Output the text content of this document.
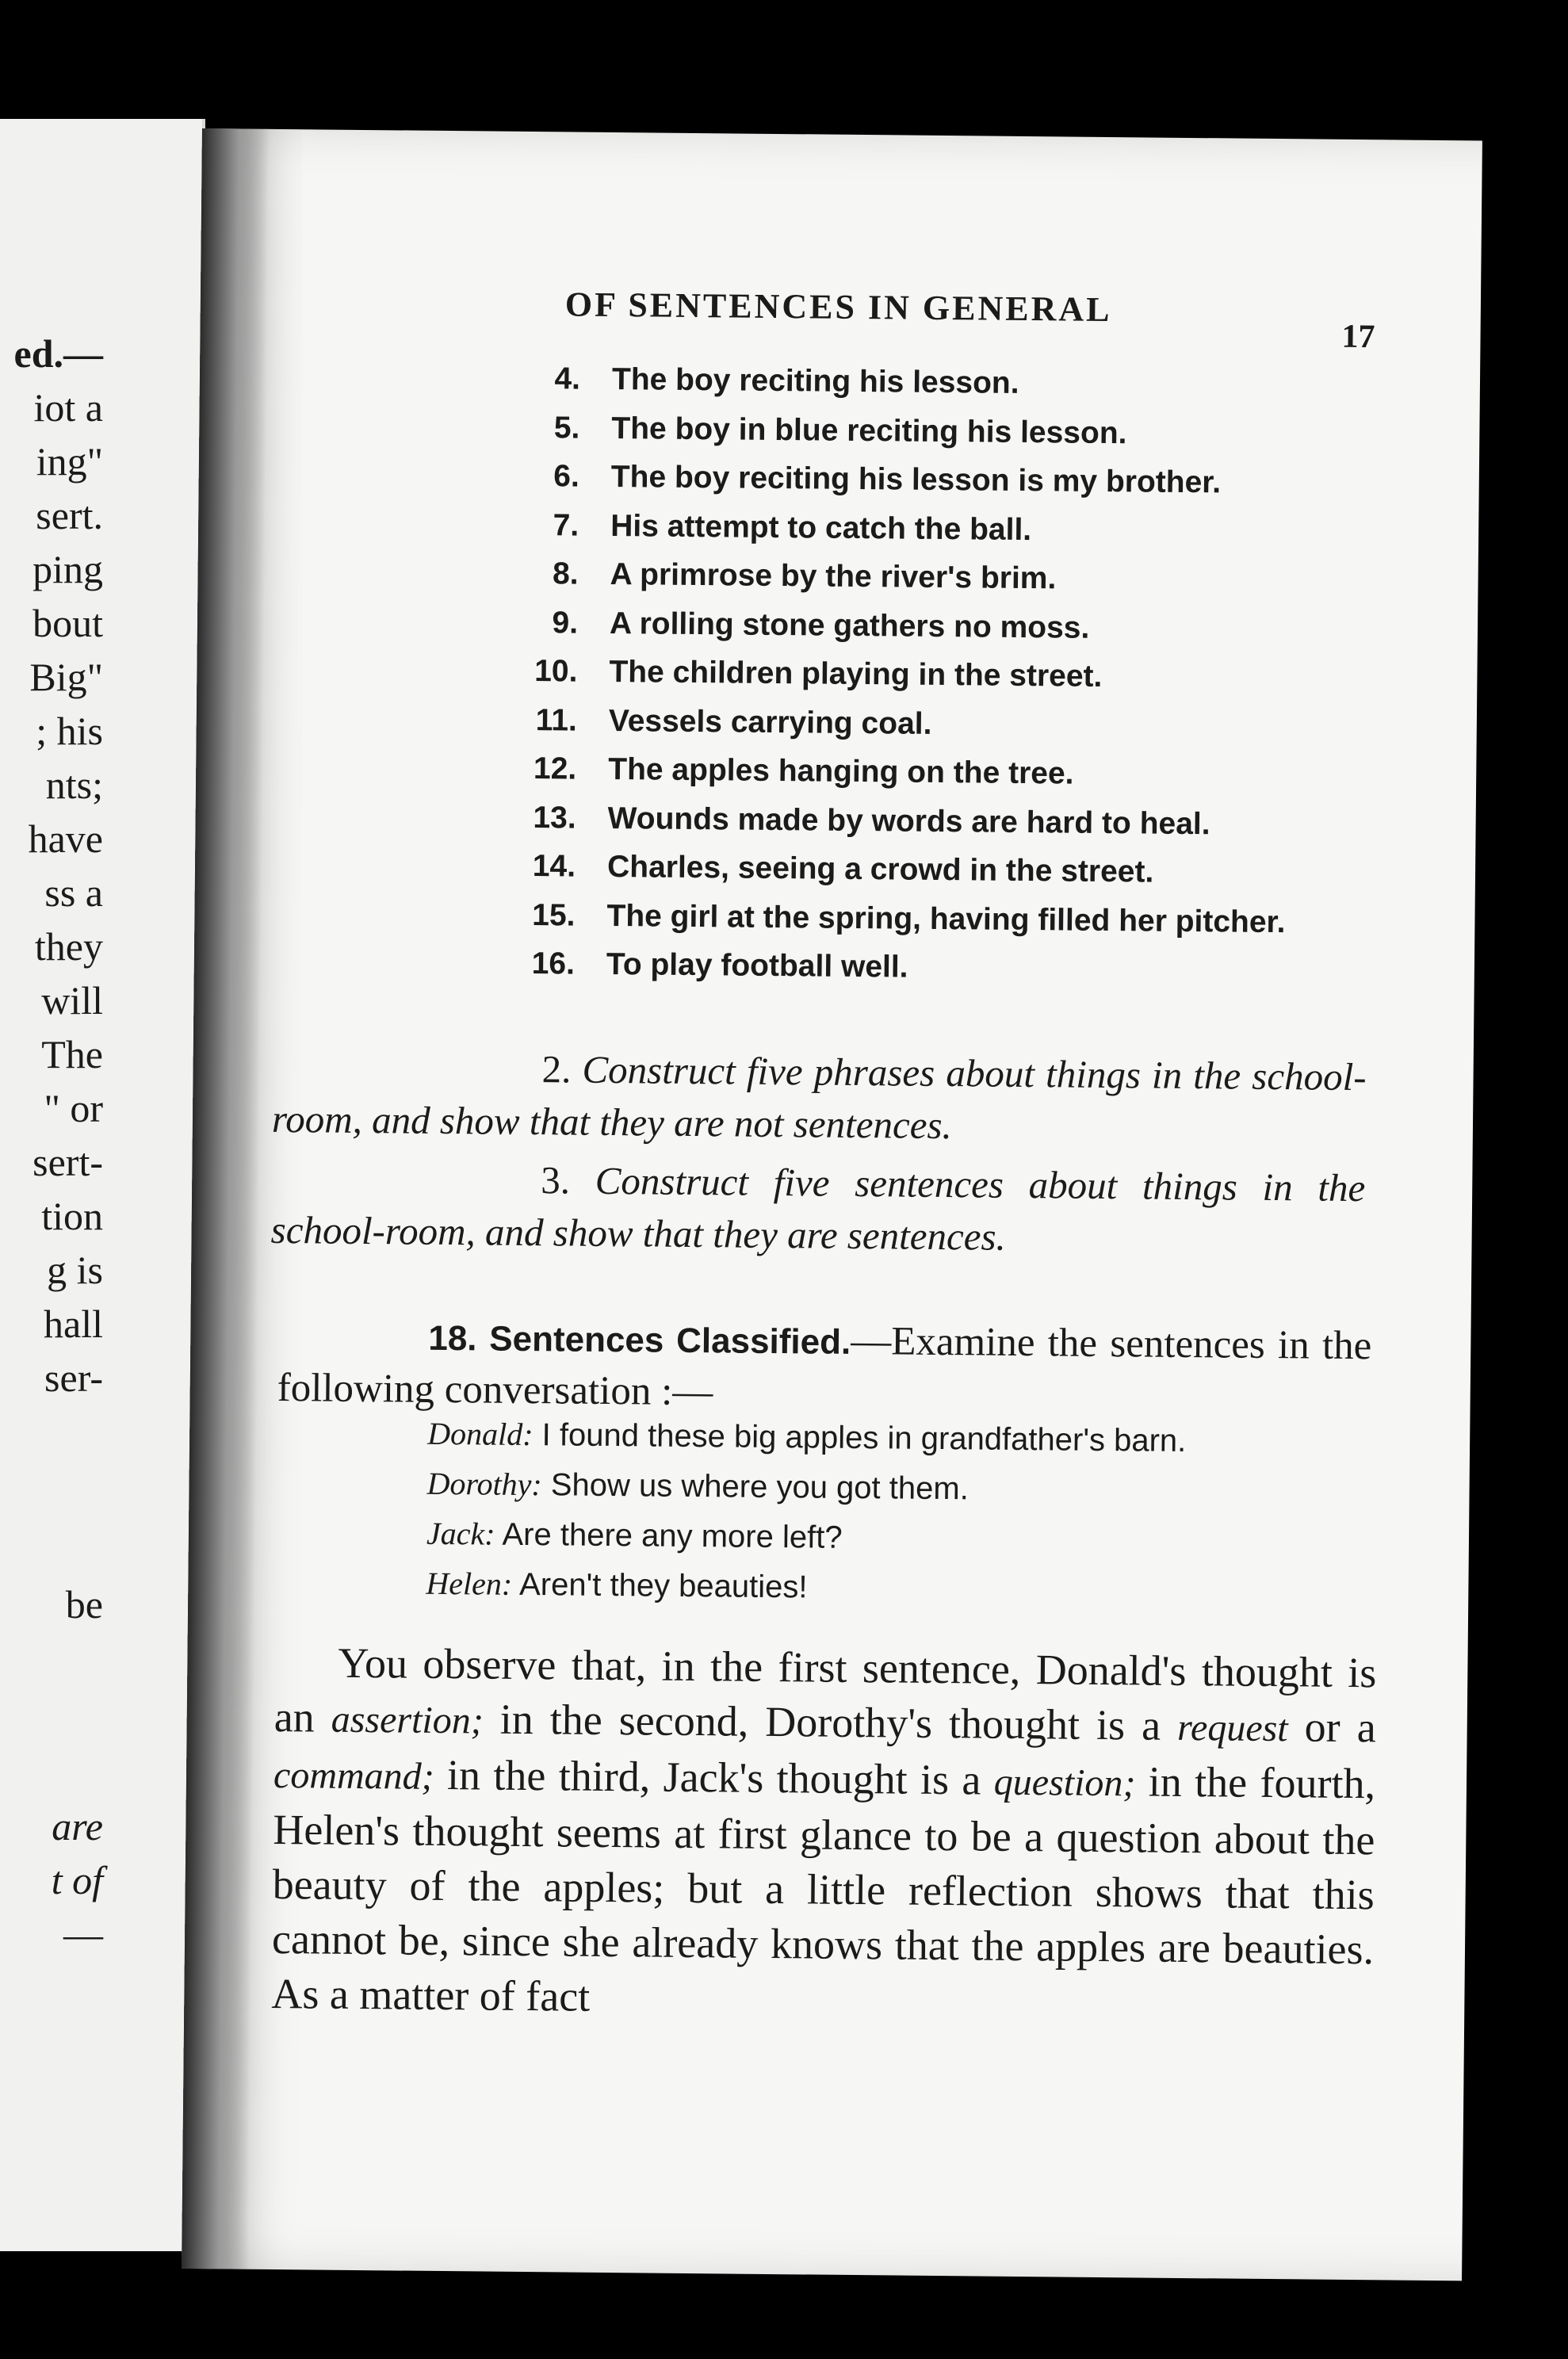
ed.—
iot a
ing"
sert.
ping
bout
Big"
; his
nts;
have
ss a
they
will
The
" or
sert-
tion
g is
hall
ser-
be
are
t of
—
OF SENTENCES IN GENERAL
17
4. The boy reciting his lesson.
5. The boy in blue reciting his lesson.
6. The boy reciting his lesson is my brother.
7. His attempt to catch the ball.
8. A primrose by the river's brim.
9. A rolling stone gathers no moss.
10. The children playing in the street.
11. Vessels carrying coal.
12. The apples hanging on the tree.
13. Wounds made by words are hard to heal.
14. Charles, seeing a crowd in the street.
15. The girl at the spring, having filled her pitcher.
16. To play football well.
2. Construct five phrases about things in the school-room, and show that they are not sentences.
3. Construct five sentences about things in the school-room, and show that they are sentences.
18. Sentences Classified.—Examine the sentences in the following conversation :—
Donald: I found these big apples in grandfather's barn.
Dorothy: Show us where you got them.
Jack: Are there any more left?
Helen: Aren't they beauties!
You observe that, in the first sentence, Donald's thought is an assertion; in the second, Dorothy's thought is a request or a command; in the third, Jack's thought is a question; in the fourth, Helen's thought seems at first glance to be a question about the beauty of the apples; but a little reflection shows that this cannot be, since she already knows that the apples are beauties. As a matter of fact
